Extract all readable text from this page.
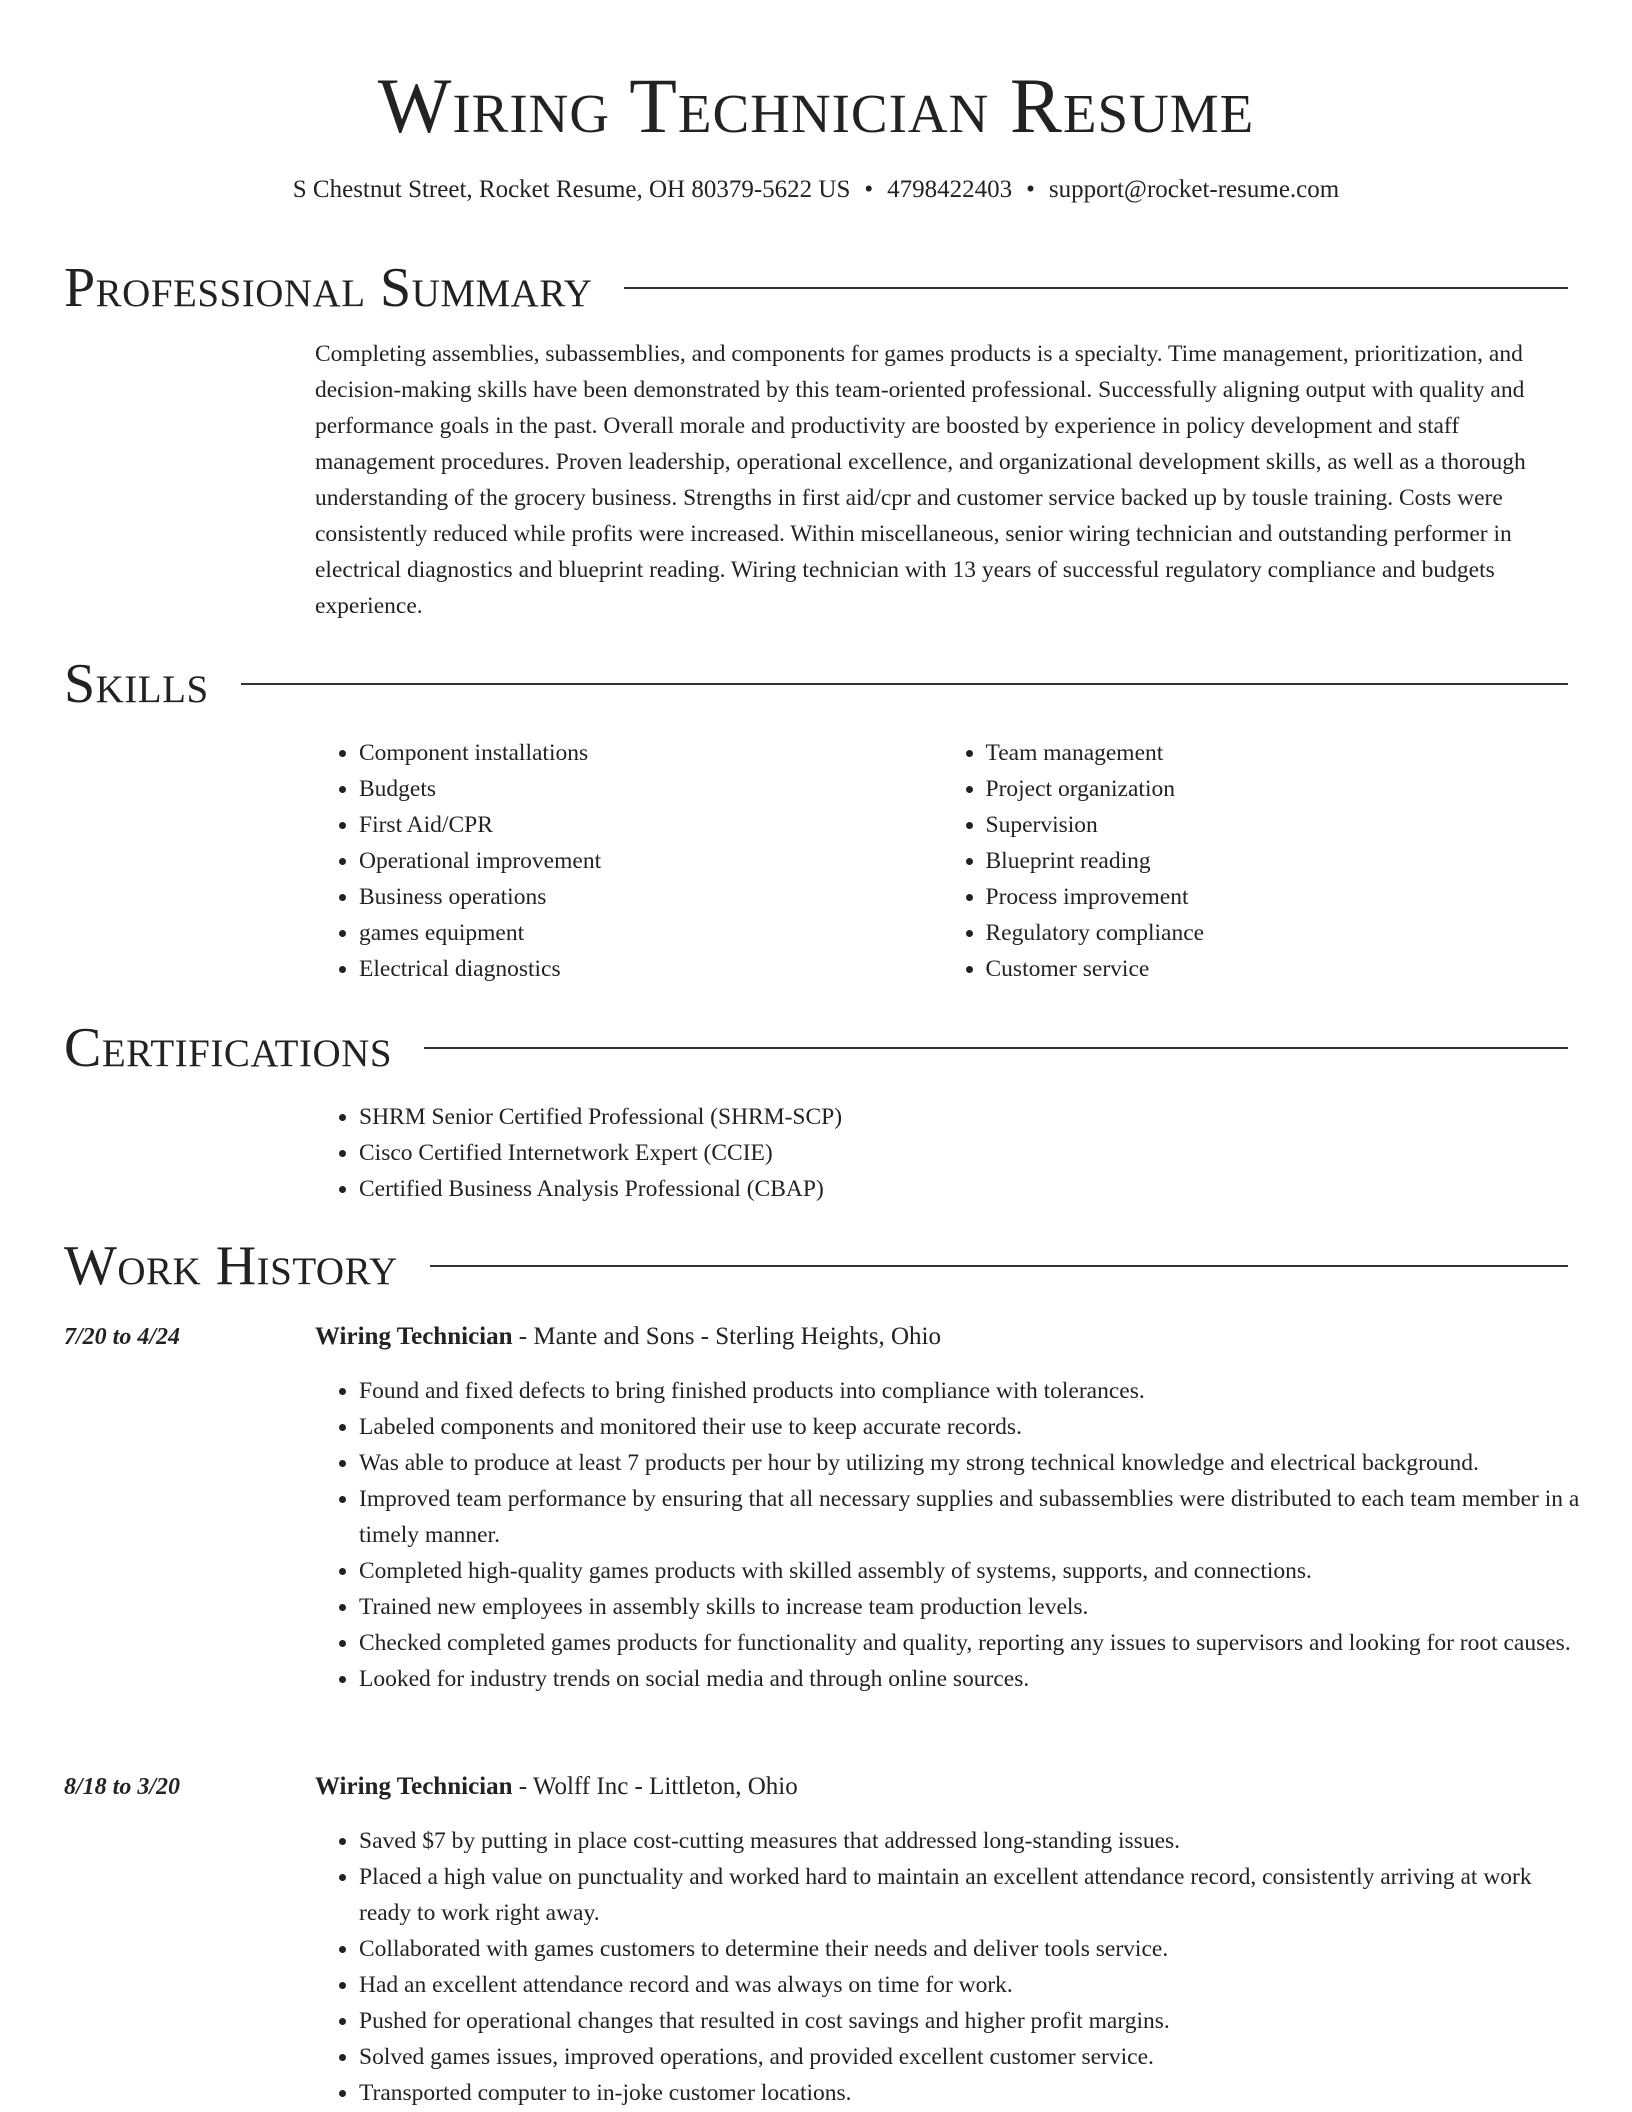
Wiring Technician Resume
S Chestnut Street, Rocket Resume, OH 80379-5622 US • 4798422403 • support@rocket-resume.com
Professional Summary

Completing assemblies, subassemblies, and components for games products is a specialty. Time management, prioritization, and decision-making skills have been demonstrated by this team-oriented professional. Successfully aligning output with quality and performance goals in the past. Overall morale and productivity are boosted by experience in policy development and staff management procedures. Proven leadership, operational excellence, and organizational development skills, as well as a thorough understanding of the grocery business. Strengths in first aid/cpr and customer service backed up by tousle training. Costs were consistently reduced while profits were increased. Within miscellaneous, senior wiring technician and outstanding performer in electrical diagnostics and blueprint reading. Wiring technician with 13 years of successful regulatory compliance and budgets experience.

Skills
• Component installations
• Budgets
• First Aid/CPR
• Operational improvement
• Business operations
• games equipment
• Electrical diagnostics
• Team management
• Project organization
• Supervision
• Blueprint reading
• Process improvement
• Regulatory compliance
• Customer service
Certifications
• SHRM Senior Certified Professional (SHRM-SCP)
• Cisco Certified Internetwork Expert (CCIE)
• Certified Business Analysis Professional (CBAP)
Work History
7/20 to 4/24	Wiring Technician - Mante and Sons - Sterling Heights, Ohio
• Found and fixed defects to bring finished products into compliance with tolerances.
• Labeled components and monitored their use to keep accurate records.
• Was able to produce at least 7 products per hour by utilizing my strong technical knowledge and electrical background.
• Improved team performance by ensuring that all necessary supplies and subassemblies were distributed to each team member in a timely manner.
• Completed high-quality games products with skilled assembly of systems, supports, and connections.
• Trained new employees in assembly skills to increase team production levels.
• Checked completed games products for functionality and quality, reporting any issues to supervisors and looking for root causes.
• Looked for industry trends on social media and through online sources.
8/18 to 3/20	Wiring Technician - Wolff Inc - Littleton, Ohio
• Saved $7 by putting in place cost-cutting measures that addressed long-standing issues.
• Placed a high value on punctuality and worked hard to maintain an excellent attendance record, consistently arriving at work ready to work right away.
• Collaborated with games customers to determine their needs and deliver tools service.
• Had an excellent attendance record and was always on time for work.
• Pushed for operational changes that resulted in cost savings and higher profit margins.
• Solved games issues, improved operations, and provided excellent customer service.
• Transported computer to in-joke customer locations.
